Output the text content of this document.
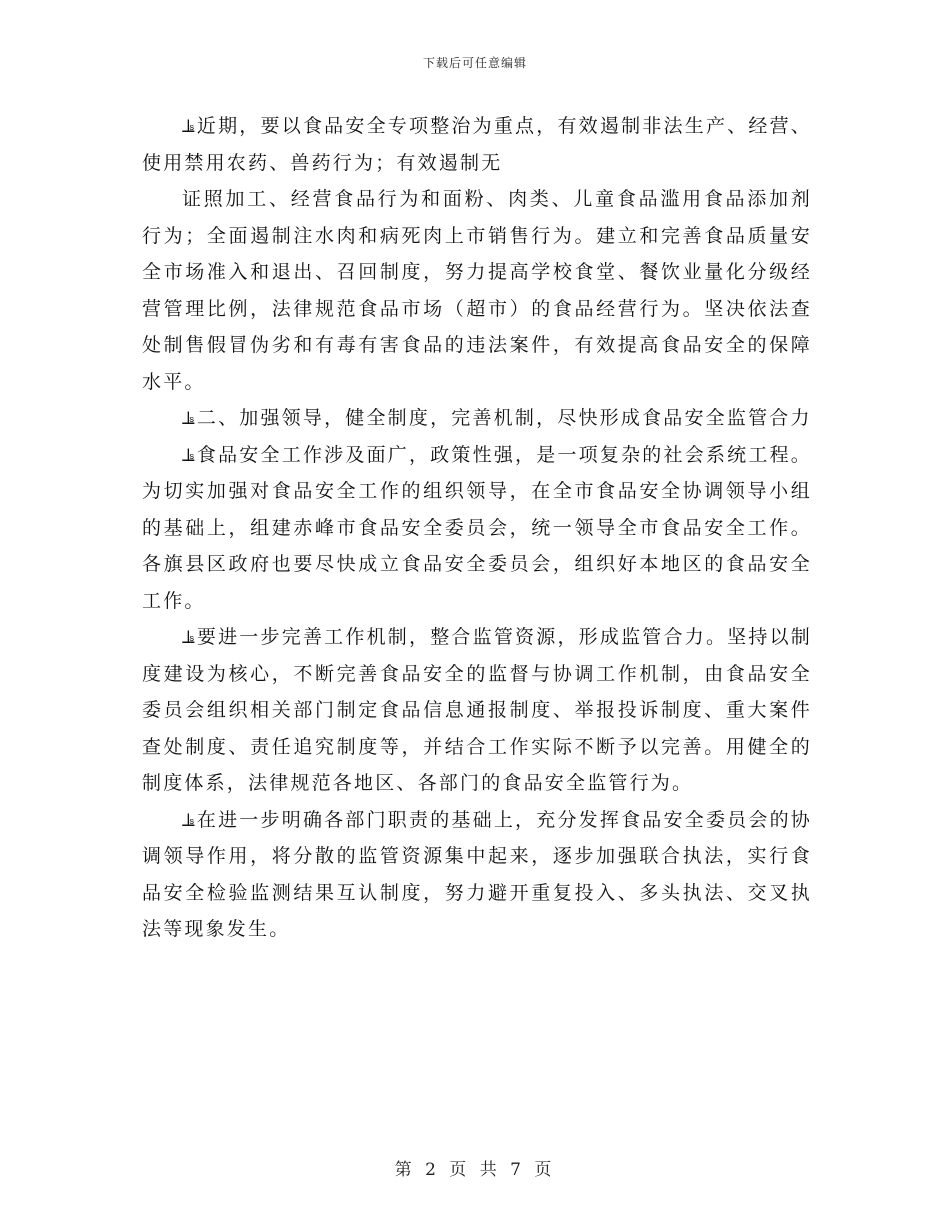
下载后可任意编辑

⫡近期，要以食品安全专项整治为重点，有效遏制非法生产、经营、使用禁用农药、兽药行为；有效遏制无

证照加工、经营食品行为和面粉、肉类、儿童食品滥用食品添加剂行为；全面遏制注水肉和病死肉上市销售行为。建立和完善食品质量安全市场准入和退出、召回制度，努力提高学校食堂、餐饮业量化分级经营管理比例，法律规范食品市场（超市）的食品经营行为。坚决依法查处制售假冒伪劣和有毒有害食品的违法案件，有效提高食品安全的保障水平。

⫡二、加强领导，健全制度，完善机制，尽快形成食品安全监管合力

⫡食品安全工作涉及面广，政策性强，是一项复杂的社会系统工程。为切实加强对食品安全工作的组织领导，在全市食品安全协调领导小组的基础上，组建赤峰市食品安全委员会，统一领导全市食品安全工作。各旗县区政府也要尽快成立食品安全委员会，组织好本地区的食品安全工作。

⫡要进一步完善工作机制，整合监管资源，形成监管合力。坚持以制度建设为核心，不断完善食品安全的监督与协调工作机制，由食品安全委员会组织相关部门制定食品信息通报制度、举报投诉制度、重大案件查处制度、责任追究制度等，并结合工作实际不断予以完善。用健全的制度体系，法律规范各地区、各部门的食品安全监管行为。

⫡在进一步明确各部门职责的基础上，充分发挥食品安全委员会的协调领导作用，将分散的监管资源集中起来，逐步加强联合执法，实行食品安全检验监测结果互认制度，努力避开重复投入、多头执法、交叉执法等现象发生。

第 2 页 共 7 页
